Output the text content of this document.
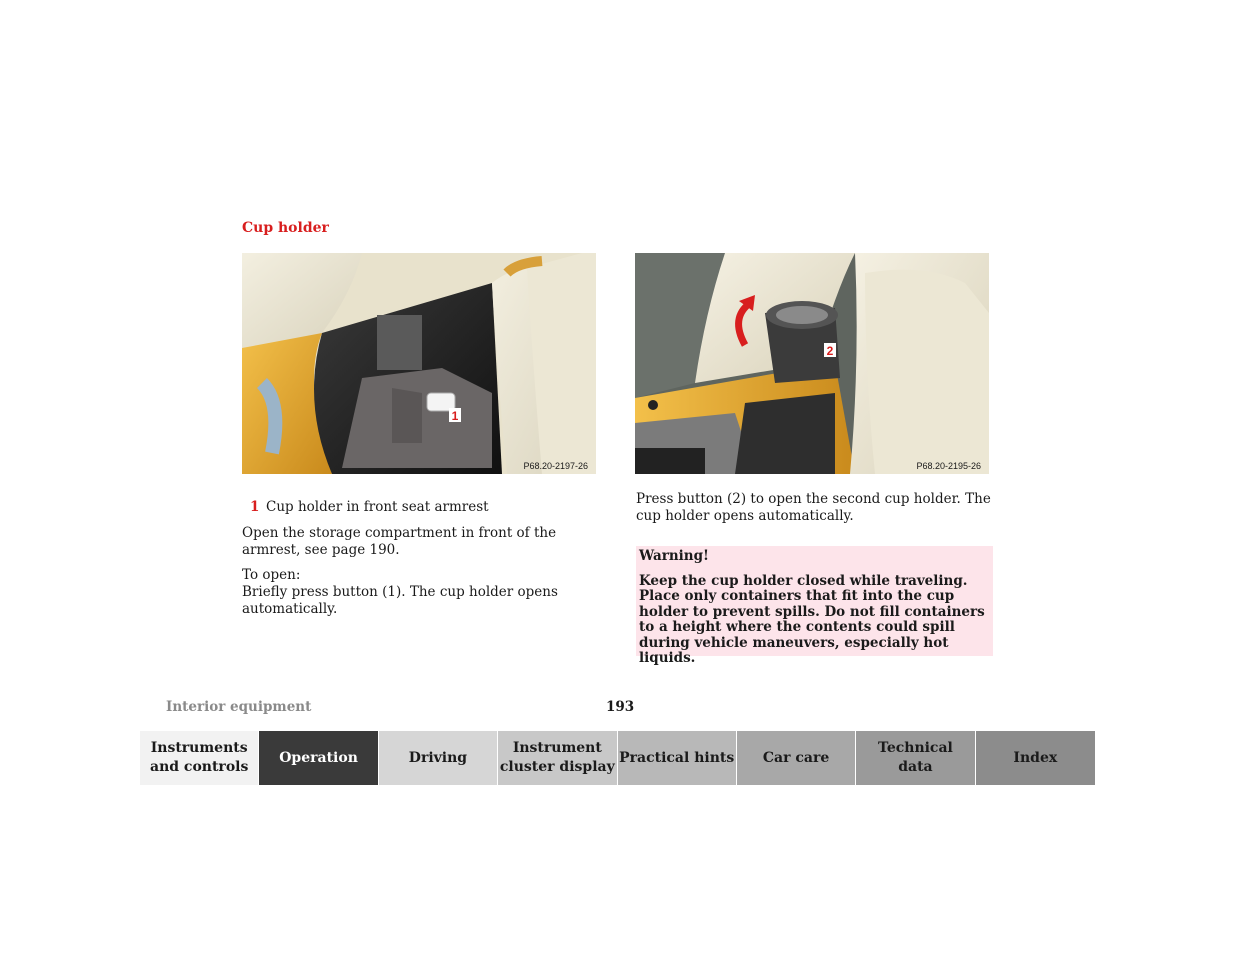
Cup holder
1
P68.20-2197-26
2
P68.20-2195-26
1 Cup holder in front seat armrest
Open the storage compartment in front of the armrest, see page 190.
To open:
Briefly press button (1). The cup holder opens automatically.
Press button (2) to open the second cup holder. The cup holder opens automatically.
Warning!
Keep the cup holder closed while traveling. Place only containers that fit into the cup holder to prevent spills. Do not fill containers to a height where the contents could spill during vehicle maneuvers, especially hot liquids.
Interior equipment	193
Instruments
and controls
Operation	Driving
Instrument
cluster display
Practical hints Car care
Technical
data
Index
